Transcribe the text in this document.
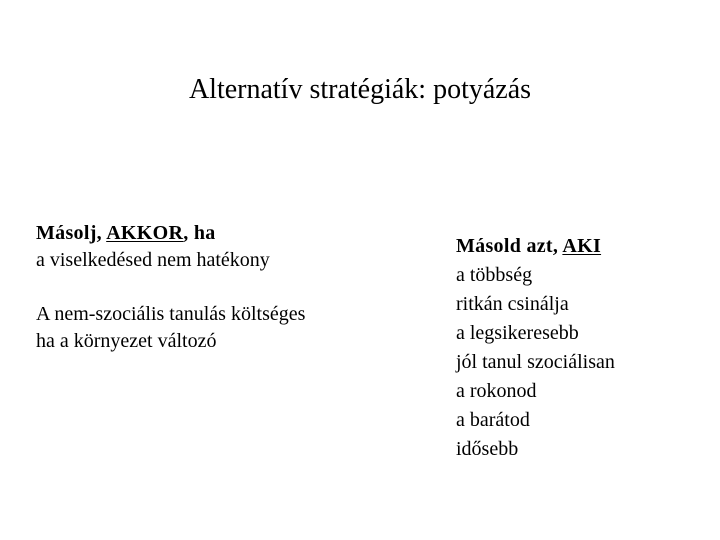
Alternatív stratégiák: potyázás
Másolj, AKKOR, ha
a viselkedésed nem hatékony
A nem-szociális tanulás költséges
ha a környezet változó
Másold azt, AKI
a többség
ritkán csinálja
a legsikeresebb
jól tanul szociálisan
a rokonod
a barátod
idősebb
